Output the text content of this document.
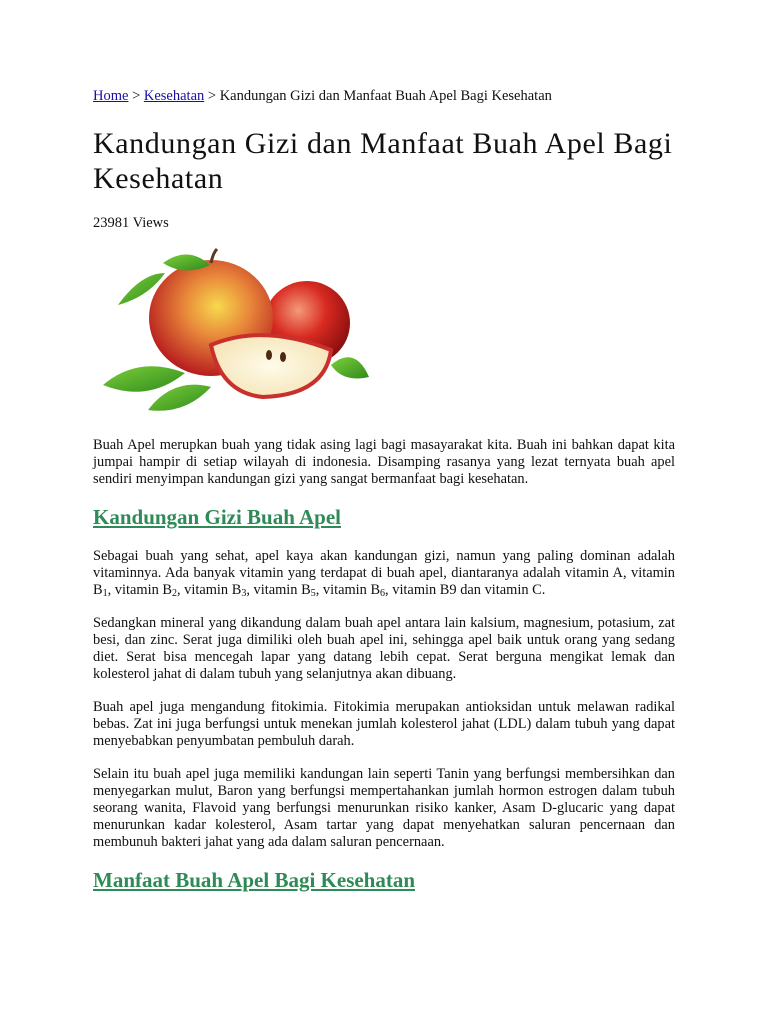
Home > Kesehatan > Kandungan Gizi dan Manfaat Buah Apel Bagi Kesehatan

Kandungan Gizi dan Manfaat Buah Apel Bagi Kesehatan

23981 Views

Buah Apel merupkan buah yang tidak asing lagi bagi masayarakat kita. Buah ini bahkan dapat kita jumpai hampir di setiap wilayah di indonesia. Disamping rasanya yang lezat ternyata buah apel sendiri menyimpan kandungan gizi yang sangat bermanfaat bagi kesehatan.

Kandungan Gizi Buah Apel

Sebagai buah yang sehat, apel kaya akan kandungan gizi, namun yang paling dominan adalah vitaminnya. Ada banyak vitamin yang terdapat di buah apel, diantaranya adalah vitamin A, vitamin $B_1$, vitamin $B_2$, vitamin $B_3$, vitamin $B_5$, vitamin $B_6$, vitamin B9 dan vitamin C.

Sedangkan mineral yang dikandung dalam buah apel antara lain kalsium, magnesium, potasium, zat besi, dan zinc. Serat juga dimiliki oleh buah apel ini, sehingga apel baik untuk orang yang sedang diet. Serat bisa mencegah lapar yang datang lebih cepat. Serat berguna mengikat lemak dan kolesterol jahat di dalam tubuh yang selanjutnya akan dibuang.

Buah apel juga mengandung fitokimia. Fitokimia merupakan antioksidan untuk melawan radikal bebas. Zat ini juga berfungsi untuk menekan jumlah kolesterol jahat (LDL) dalam tubuh yang dapat menyebabkan penyumbatan pembuluh darah.

Selain itu buah apel juga memiliki kandungan lain seperti Tanin yang berfungsi membersihkan dan menyegarkan mulut, Baron yang berfungsi mempertahankan jumlah hormon estrogen dalam tubuh seorang wanita, Flavoid yang berfungsi menurunkan risiko kanker, Asam D-glucaric yang dapat menurunkan kadar kolesterol, Asam tartar yang dapat menyehatkan saluran pencernaan dan membunuh bakteri jahat yang ada dalam saluran pencernaan.

Manfaat Buah Apel Bagi Kesehatan
